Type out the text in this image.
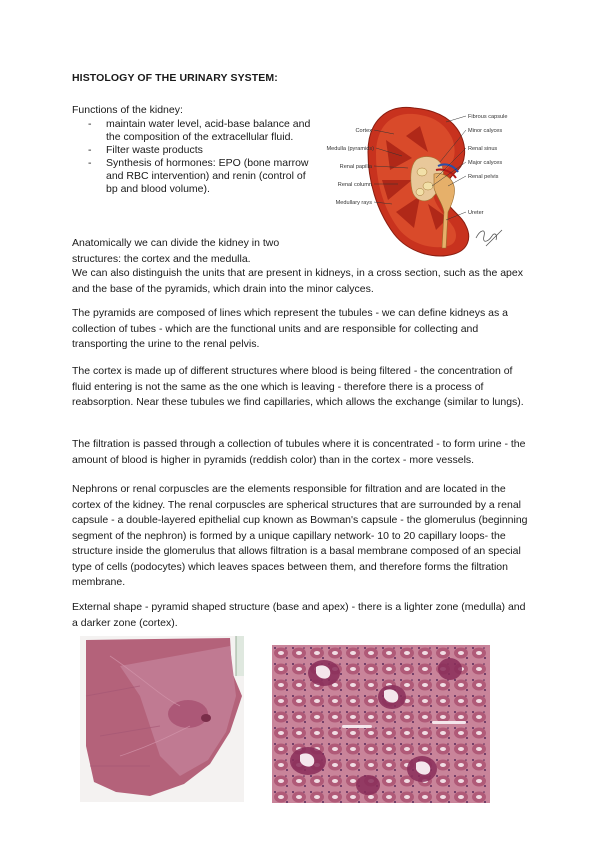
HISTOLOGY OF THE URINARY SYSTEM:
Functions of the kidney:
- maintain water level, acid-base balance and the composition of the extracellular fluid.
- Filter waste products
- Synthesis of hormones: EPO (bone marrow and RBC intervention) and renin (control of bp and blood volume).
Cortex
Medulla (pyramids)
Renal papilla
Renal column
Medullary rays
Fibrous capsule
Minor calyces
Renal sinus
Major calyces
Renal pelvis
Ureter
Anatomically we can divide the kidney in two structures: the cortex and the medulla.
We can also distinguish the units that are present in kidneys, in a cross section, such as the apex and the base of the pyramids, which drain into the minor calyces.
The pyramids are composed of lines which represent the tubules - we can define kidneys as a collection of tubes - which are the functional units and are responsible for collecting and transporting the urine to the renal pelvis.
The cortex is made up of different structures where blood is being filtered - the concentration of fluid entering is not the same as the one which is leaving - therefore there is a process of reabsorption. Near these tubules we find capillaries, which allows the exchange (similar to lungs).
The filtration is passed through a collection of tubules where it is concentrated - to form urine - the amount of blood is higher in pyramids (reddish color) than in the cortex - more vessels.
Nephrons or renal corpuscles are the elements responsible for filtration and are located in the cortex of the kidney. The renal corpuscles are spherical structures that are surrounded by a renal capsule - a double-layered epithelial cup known as Bowman's capsule - the glomerulus (beginning segment of the nephron) is formed by a unique capillary network- 10 to 20 capillary loops- the structure inside the glomerulus that allows filtration is a basal membrane composed of an special type of cells (podocytes) which leaves spaces between them, and therefore forms the filtration membrane.
External shape - pyramid shaped structure (base and apex) - there is a lighter zone (medulla) and a darker zone (cortex).
